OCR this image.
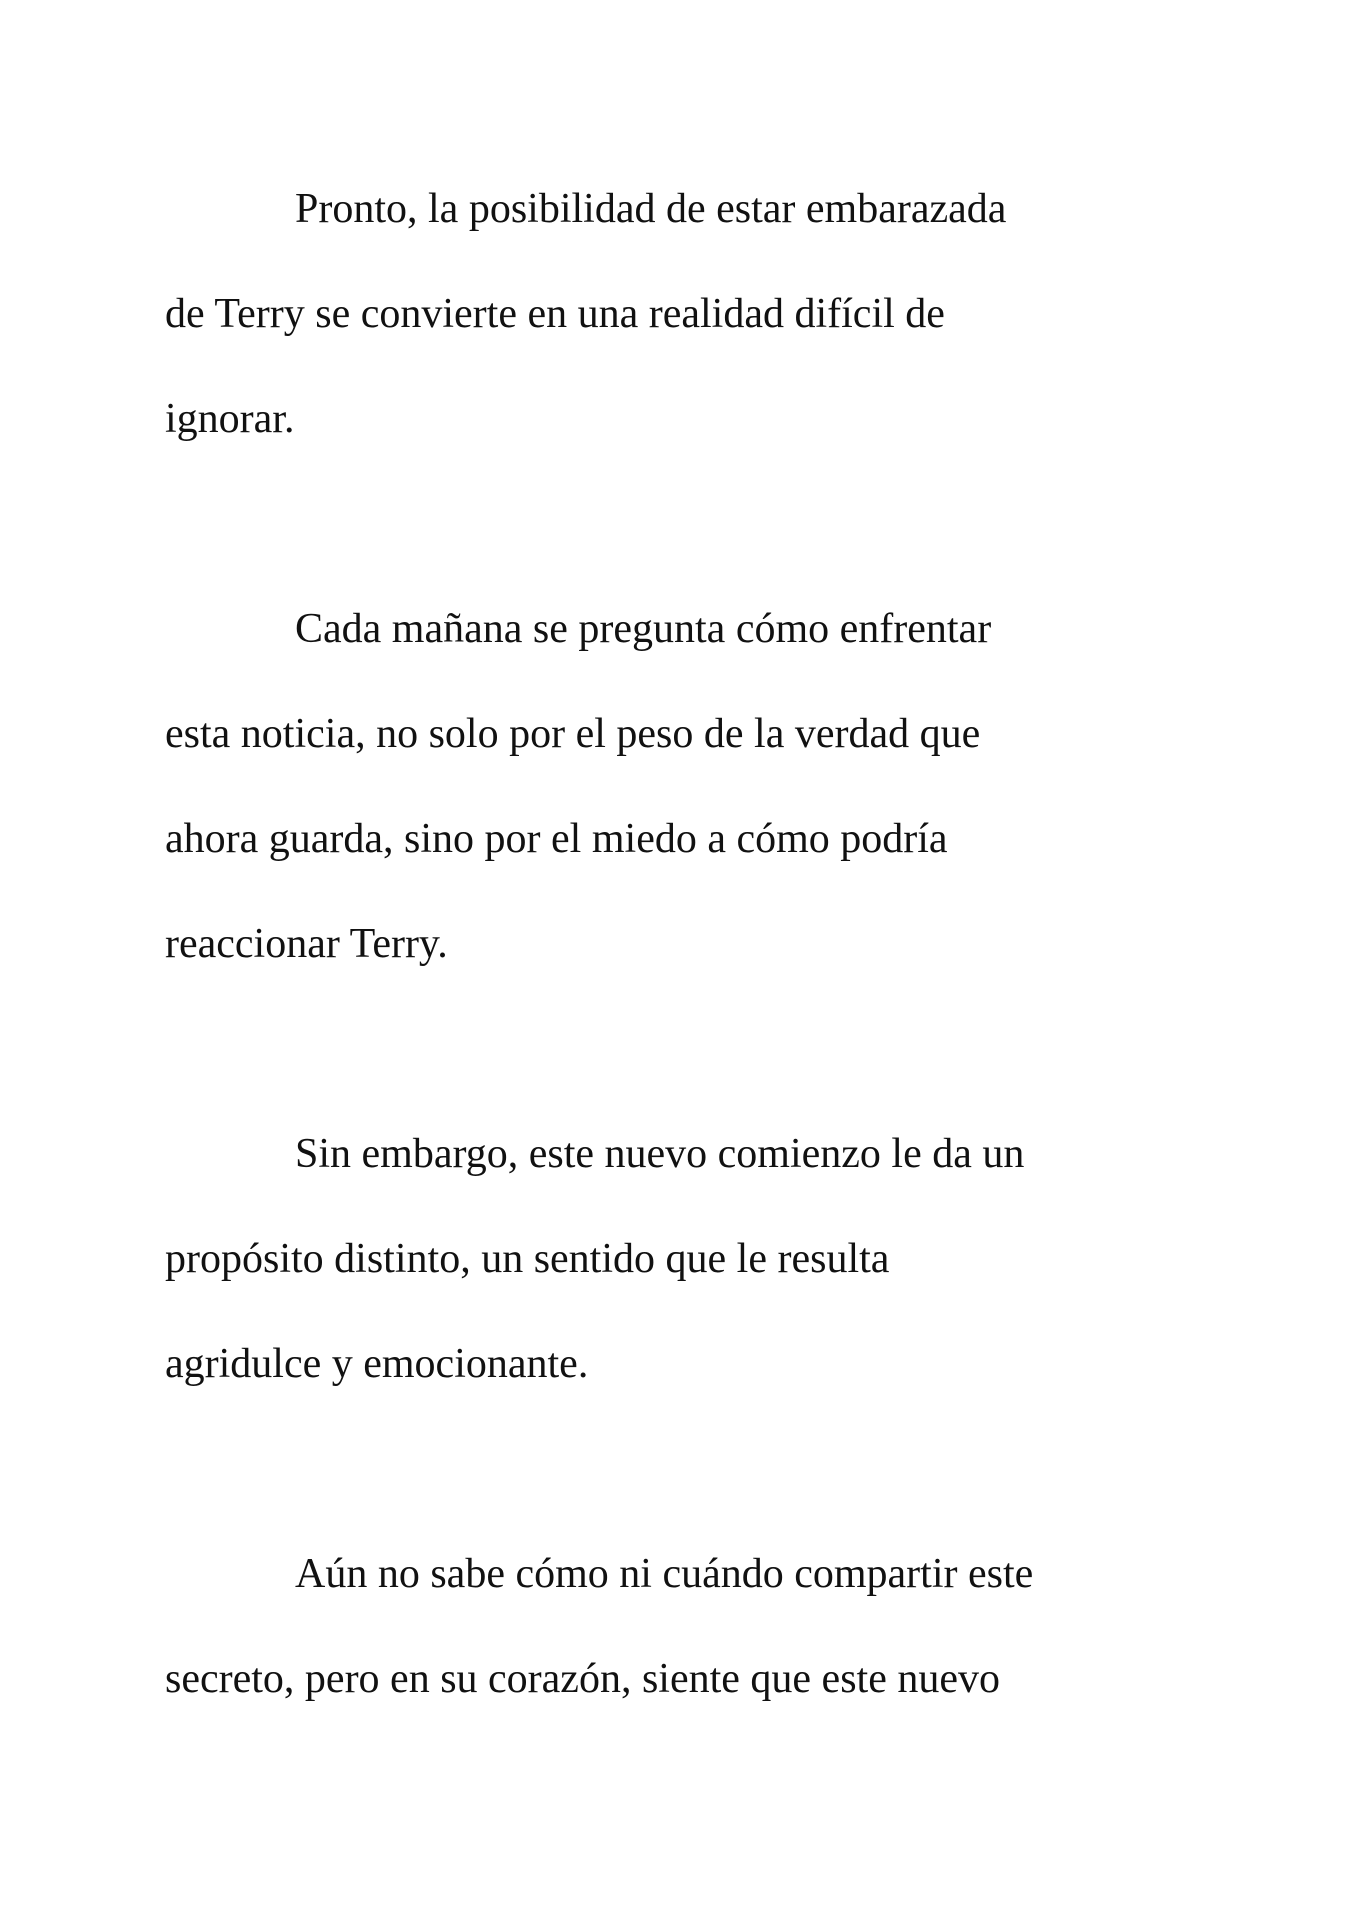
Pronto, la posibilidad de estar embarazada
de Terry se convierte en una realidad difícil de
ignorar.

Cada mañana se pregunta cómo enfrentar
esta noticia, no solo por el peso de la verdad que
ahora guarda, sino por el miedo a cómo podría
reaccionar Terry.

Sin embargo, este nuevo comienzo le da un
propósito distinto, un sentido que le resulta
agridulce y emocionante.

Aún no sabe cómo ni cuándo compartir este
secreto, pero en su corazón, siente que este nuevo
